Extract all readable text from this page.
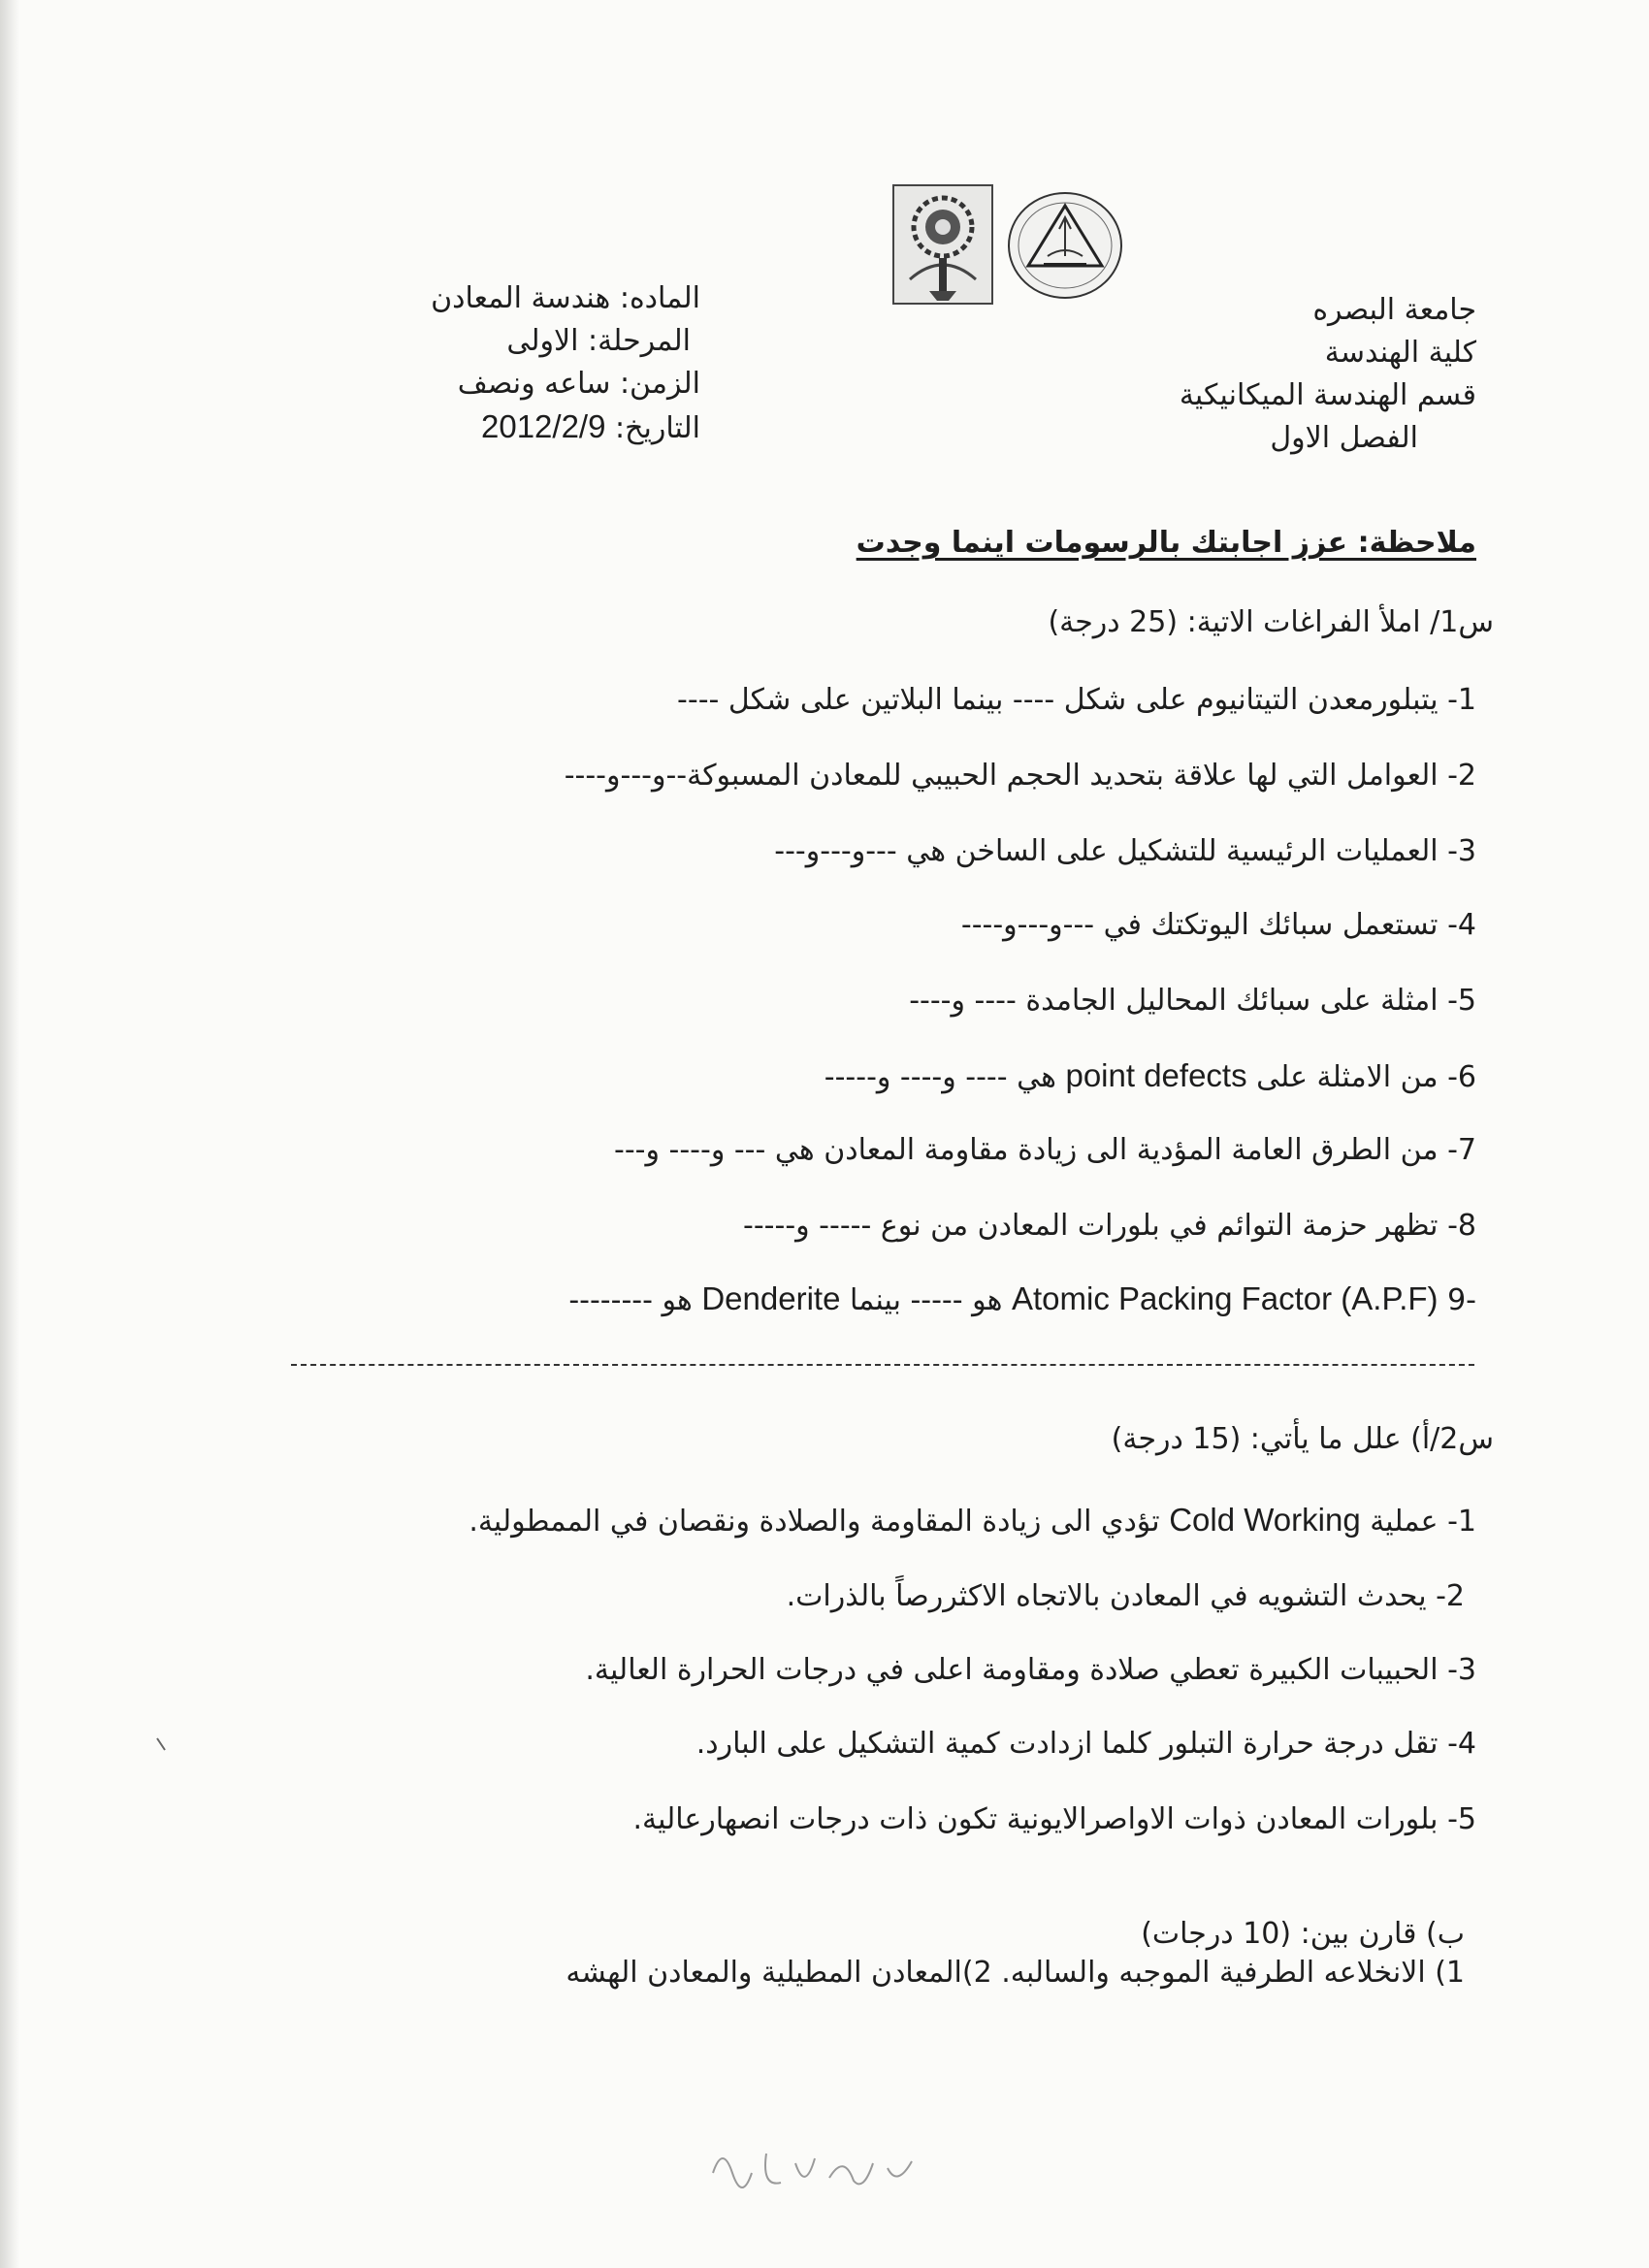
جامعة البصره
كلية الهندسة
قسم الهندسة الميكانيكية
الفصل الاول
الماده: هندسة المعادن
المرحلة: الاولى
الزمن: ساعه ونصف
التاريخ: 2012/2/9
ملاحظة: عزز اجابتك بالرسومات اينما وجدت
س1/ املأ الفراغات الاتية: (25 درجة)
1- يتبلورمعدن التيتانيوم على شكل ---- بينما البلاتين على شكل ----
2- العوامل التي لها علاقة بتحديد الحجم الحبيبي للمعادن المسبوكة--و---و----
3- العمليات الرئيسية للتشكيل على الساخن هي ---و---و---
4- تستعمل سبائك اليوتكتك في ---و---و----
5- امثلة على سبائك المحاليل الجامدة ---- و----
6- من الامثلة على point defects هي ---- و---- و-----
7- من الطرق العامة المؤدية الى زيادة مقاومة المعادن هي --- و---- و---
8- تظهر حزمة التوائم في بلورات المعادن من نوع ----- و-----
-9 Atomic Packing Factor (A.P.F) هو ----- بينما Denderite هو --------
س2/أ) علل ما يأتي: (15 درجة)
1- عملية Cold Working تؤدي الى زيادة المقاومة والصلادة ونقصان في الممطولية.
2- يحدث التشويه في المعادن بالاتجاه الاكثررصاً بالذرات.
3- الحبيبات الكبيرة تعطي صلادة ومقاومة اعلى في درجات الحرارة العالية.
4- تقل درجة حرارة التبلور كلما ازدادت كمية التشكيل على البارد.
5- بلورات المعادن ذوات الاواصرالايونية تكون ذات درجات انصهارعالية.
ب) قارن بين: (10 درجات)
1) الانخلاعه الطرفية الموجبه والسالبه. 2)المعادن المطيلية والمعادن الهشه
